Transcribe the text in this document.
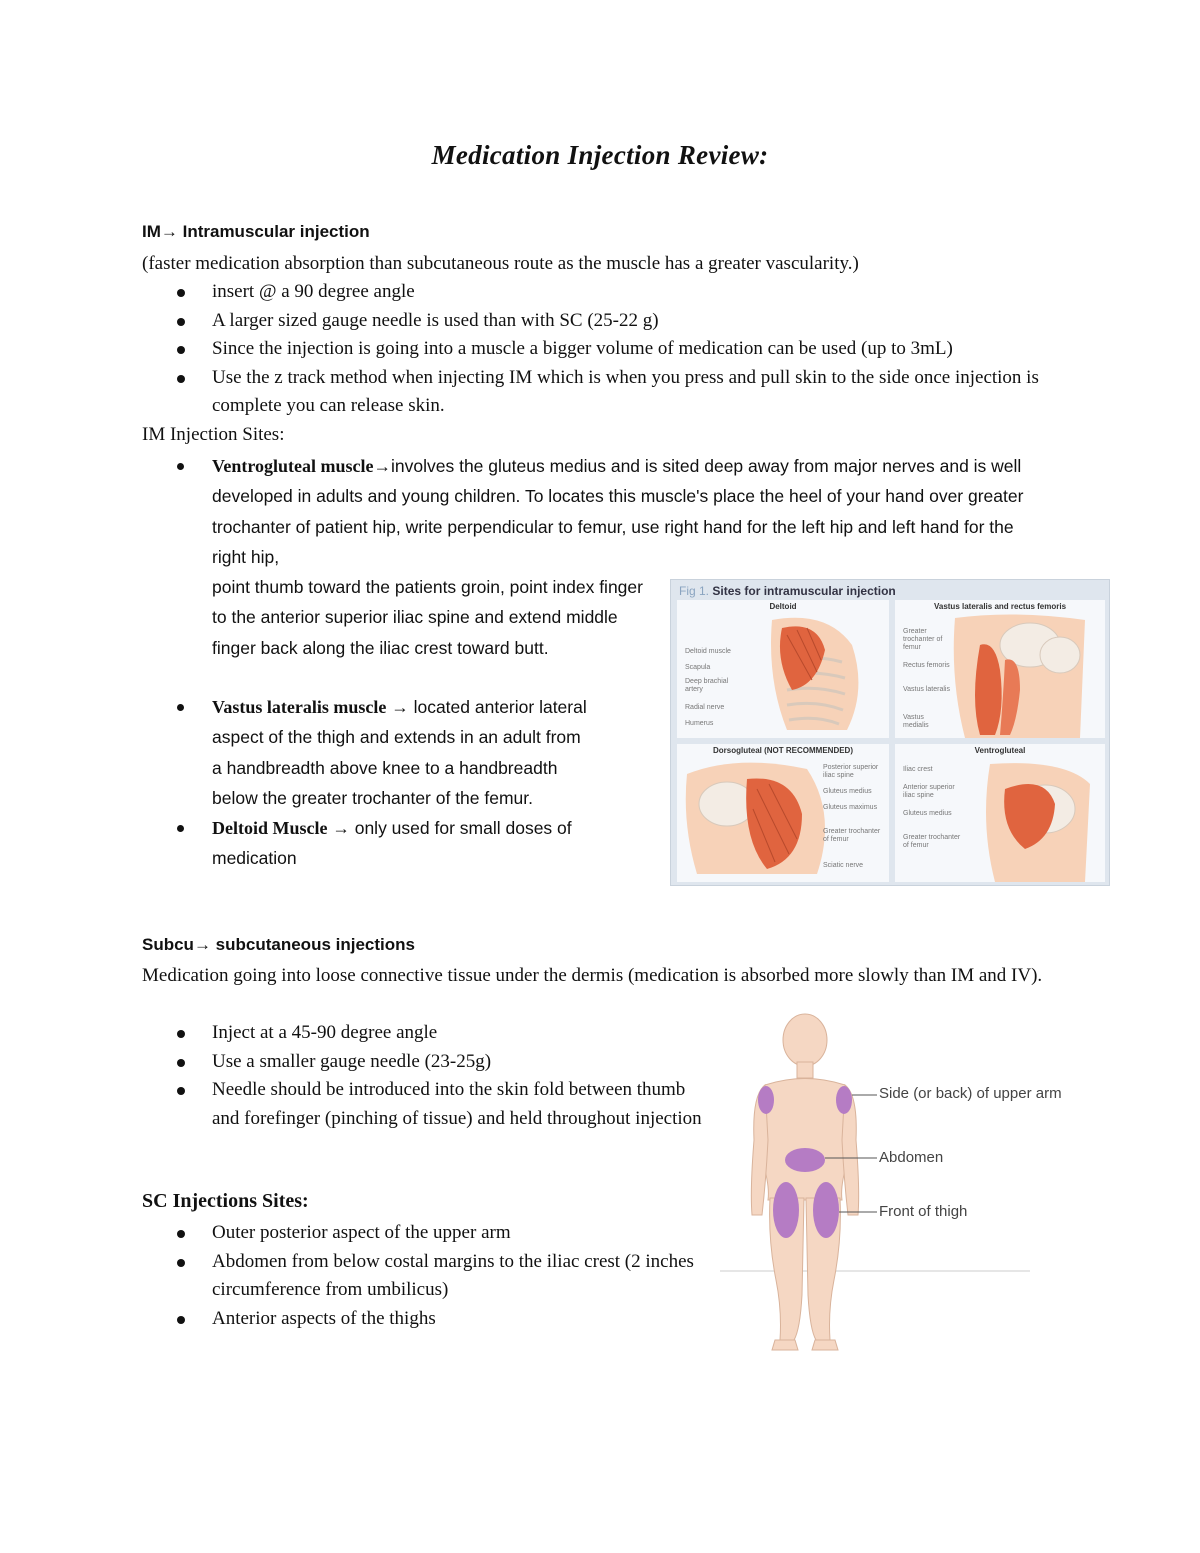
Medication Injection Review:
IM→ Intramuscular injection
(faster medication absorption than subcutaneous route as the muscle has a greater vascularity.)
insert @ a 90 degree angle
A larger sized gauge needle is used than with SC (25-22 g)
Since the injection is going into a muscle a bigger volume of medication can be used (up to 3mL)
Use the z track method when injecting IM which is when you press and pull skin to the side once injection is complete you can release skin.
IM Injection Sites:
Ventrogluteal muscle→involves the gluteus medius and is sited deep away from major nerves and is well developed in adults and young children. To locates this muscle's place the heel of your hand over greater trochanter of patient hip, write perpendicular to femur, use right hand for the left hip and left hand for the right hip,
point thumb toward the patients groin, point index finger to the anterior superior iliac spine and extend middle finger back along the iliac crest toward butt.
Vastus lateralis muscle → located anterior lateral aspect of the thigh and extends in an adult from a handbreadth above knee to a handbreadth below the greater trochanter of the femur.
Deltoid Muscle → only used for small doses of medication
Fig 1. Sites for intramuscular injection
Deltoid
Deltoid muscle
Scapula
Deep brachial artery
Radial nerve
Humerus
Vastus lateralis and rectus femoris
Greater trochanter of femur
Rectus femoris
Vastus lateralis
Vastus medialis
Dorsogluteal (NOT RECOMMENDED)
Posterior superior iliac spine
Gluteus medius
Gluteus maximus
Greater trochanter of femur
Sciatic nerve
Ventrogluteal
Iliac crest
Anterior superior iliac spine
Gluteus medius
Greater trochanter of femur
Subcu→ subcutaneous injections
Medication going into loose connective tissue under the dermis (medication is absorbed more slowly than IM and IV).
Inject at a 45-90 degree angle
Use a smaller gauge needle (23-25g)
Needle should be introduced into the skin fold between thumb and forefinger (pinching of tissue) and held throughout injection
SC Injections Sites:
Outer posterior aspect of the upper arm
Abdomen from below costal margins to the iliac crest (2 inches circumference from umbilicus)
Anterior aspects of the thighs
Side (or back) of upper arm
Abdomen
Front of thigh
